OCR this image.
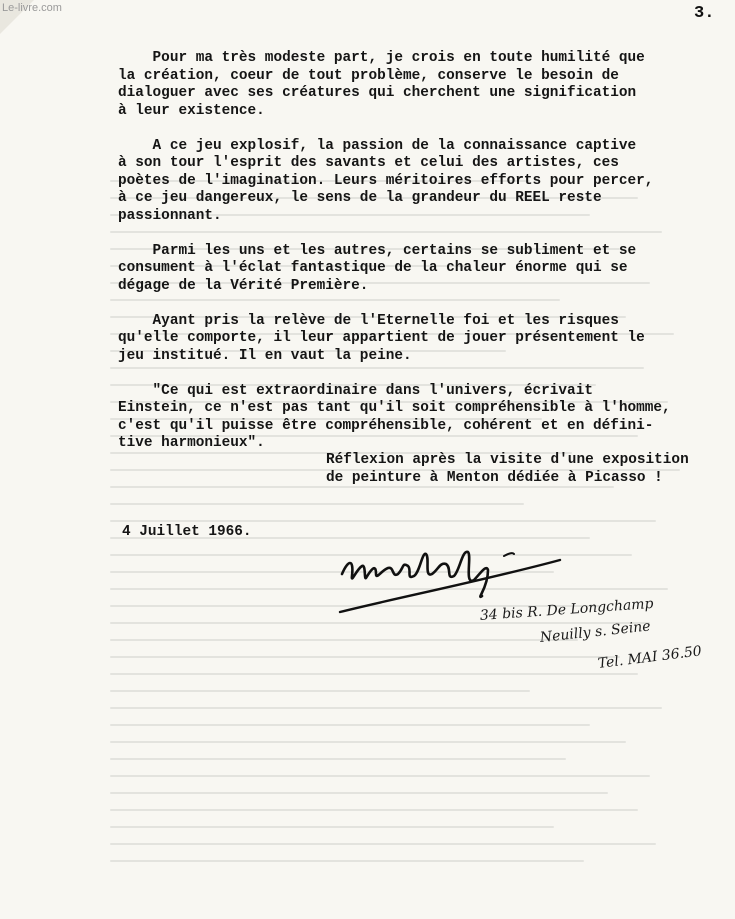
Le-livre.com	3.
Pour ma très modeste part, je crois en toute humilité que
la création, coeur de tout problème, conserve le besoin de
dialoguer avec ses créatures qui cherchent une signification
à leur existence.
A ce jeu explosif, la passion de la connaissance captive
à son tour l'esprit des savants et celui des artistes, ces
poètes de l'imagination. Leurs méritoires efforts pour percer,
à ce jeu dangereux, le sens de la grandeur du REEL reste
passionnant.
Parmi les uns et les autres, certains se subliment et se
consument à l'éclat fantastique de la chaleur énorme qui se
dégage de la Vérité Première.
Ayant pris la relève de l'Eternelle foi et les risques
qu'elle comporte, il leur appartient de jouer présentement le
jeu institué. Il en vaut la peine.
"Ce qui est extraordinaire dans l'univers, écrivait
Einstein, ce n'est pas tant qu'il soit compréhensible à l'homme,
c'est qu'il puisse être compréhensible, cohérent et en défini-
tive harmonieux".
Réflexion après la visite d'une exposition
de peinture à Menton dédiée à Picasso !
4 Juillet 1966.
34 bis R. De Longchamp
Neuilly s. Seine
Tel. MAI 36.50
